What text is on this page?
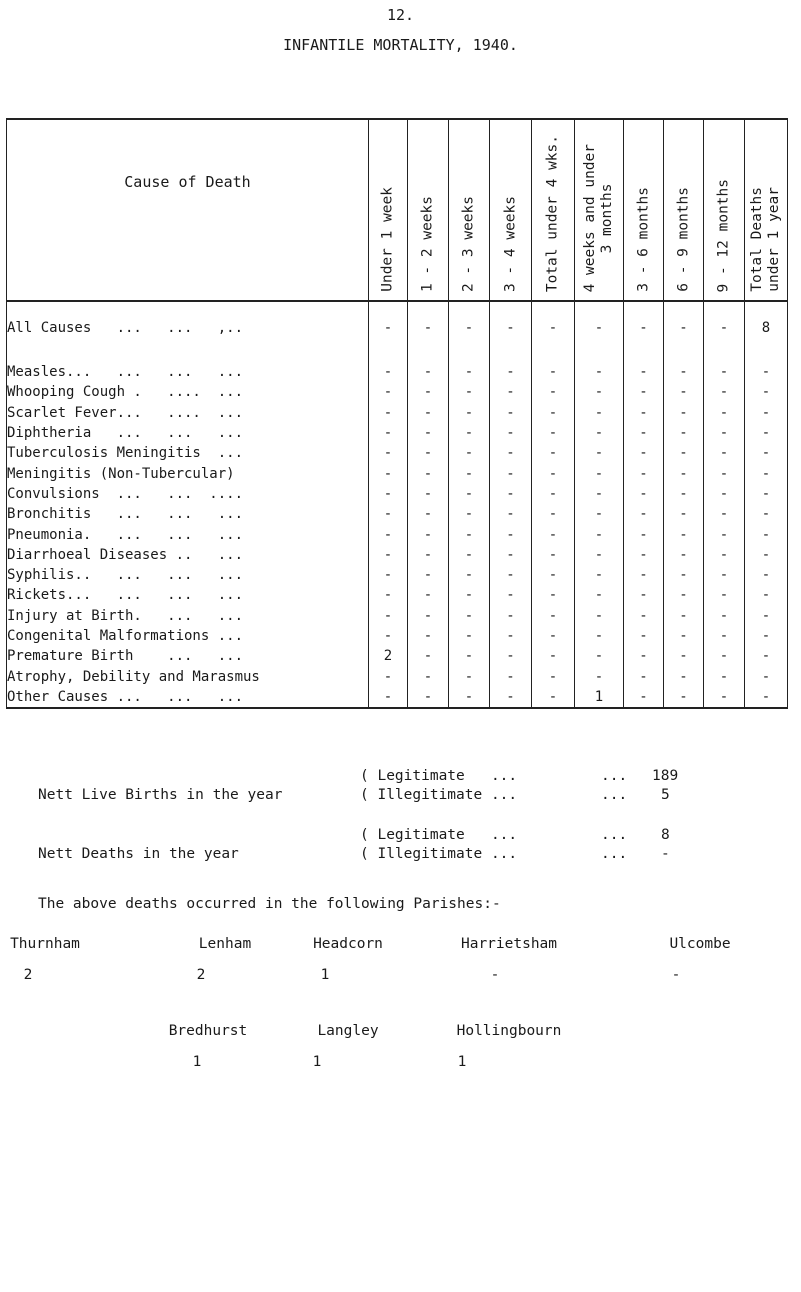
12.
INFANTILE MORTALITY, 1940.
Cause of Death	Under 1 week	1 - 2 weeks	2 - 3 weeks	3 - 4 weeks	Total under 4 wks.	4 weeks and under
3 months	3 - 6 months	6 - 9 months	9 - 12 months	Total Deaths
under 1 year

All Causes   ...   ...   ,..	-	-	-	-	-	-	-	-	-	8

Measles...   ...   ...   ...	-	-	-	-	-	-	-	-	-	-
Whooping Cough .   ....  ...	-	-	-	-	-	-	-	-	-	-
Scarlet Fever...   ....  ...	-	-	-	-	-	-	-	-	-	-
Diphtheria   ...   ...   ...	-	-	-	-	-	-	-	-	-	-
Tuberculosis Meningitis  ...	-	-	-	-	-	-	-	-	-	-
Meningitis (Non-Tubercular)	-	-	-	-	-	-	-	-	-	-
Convulsions  ...   ...  ....	-	-	-	-	-	-	-	-	-	-
Bronchitis   ...   ...   ...	-	-	-	-	-	-	-	-	-	-
Pneumonia.   ...   ...   ...	-	-	-	-	-	-	-	-	-	-
Diarrhoeal Diseases ..   ...	-	-	-	-	-	-	-	-	-	-
Syphilis..   ...   ...   ...	-	-	-	-	-	-	-	-	-	-
Rickets...   ...   ...   ...	-	-	-	-	-	-	-	-	-	-
Injury at Birth.   ...   ...	-	-	-	-	-	-	-	-	-	-
Congenital Malformations ...	-	-	-	-	-	-	-	-	-	-
Premature Birth    ...   ...	2	-	-	-	-	-	-	-	-	-
Atrophy, Debility and Marasmus	-	-	-	-	-	-	-	-	-	-
Other Causes ...   ...   ...	-	-	-	-	-	1	-	-	-	-
( Legitimate   ...	... 189
Nett Live Births in the year	( Illegitimate ...	... 5
( Legitimate   ...	... 8
Nett Deaths in the year	( Illegitimate ...	... -
The above deaths occurred in the following Parishes:-
Thurnham
2
Lenham
2
Headcorn
1
Harrietsham
-
Ulcombe
-
Bredhurst
1
Langley
1
Hollingbourn
1
